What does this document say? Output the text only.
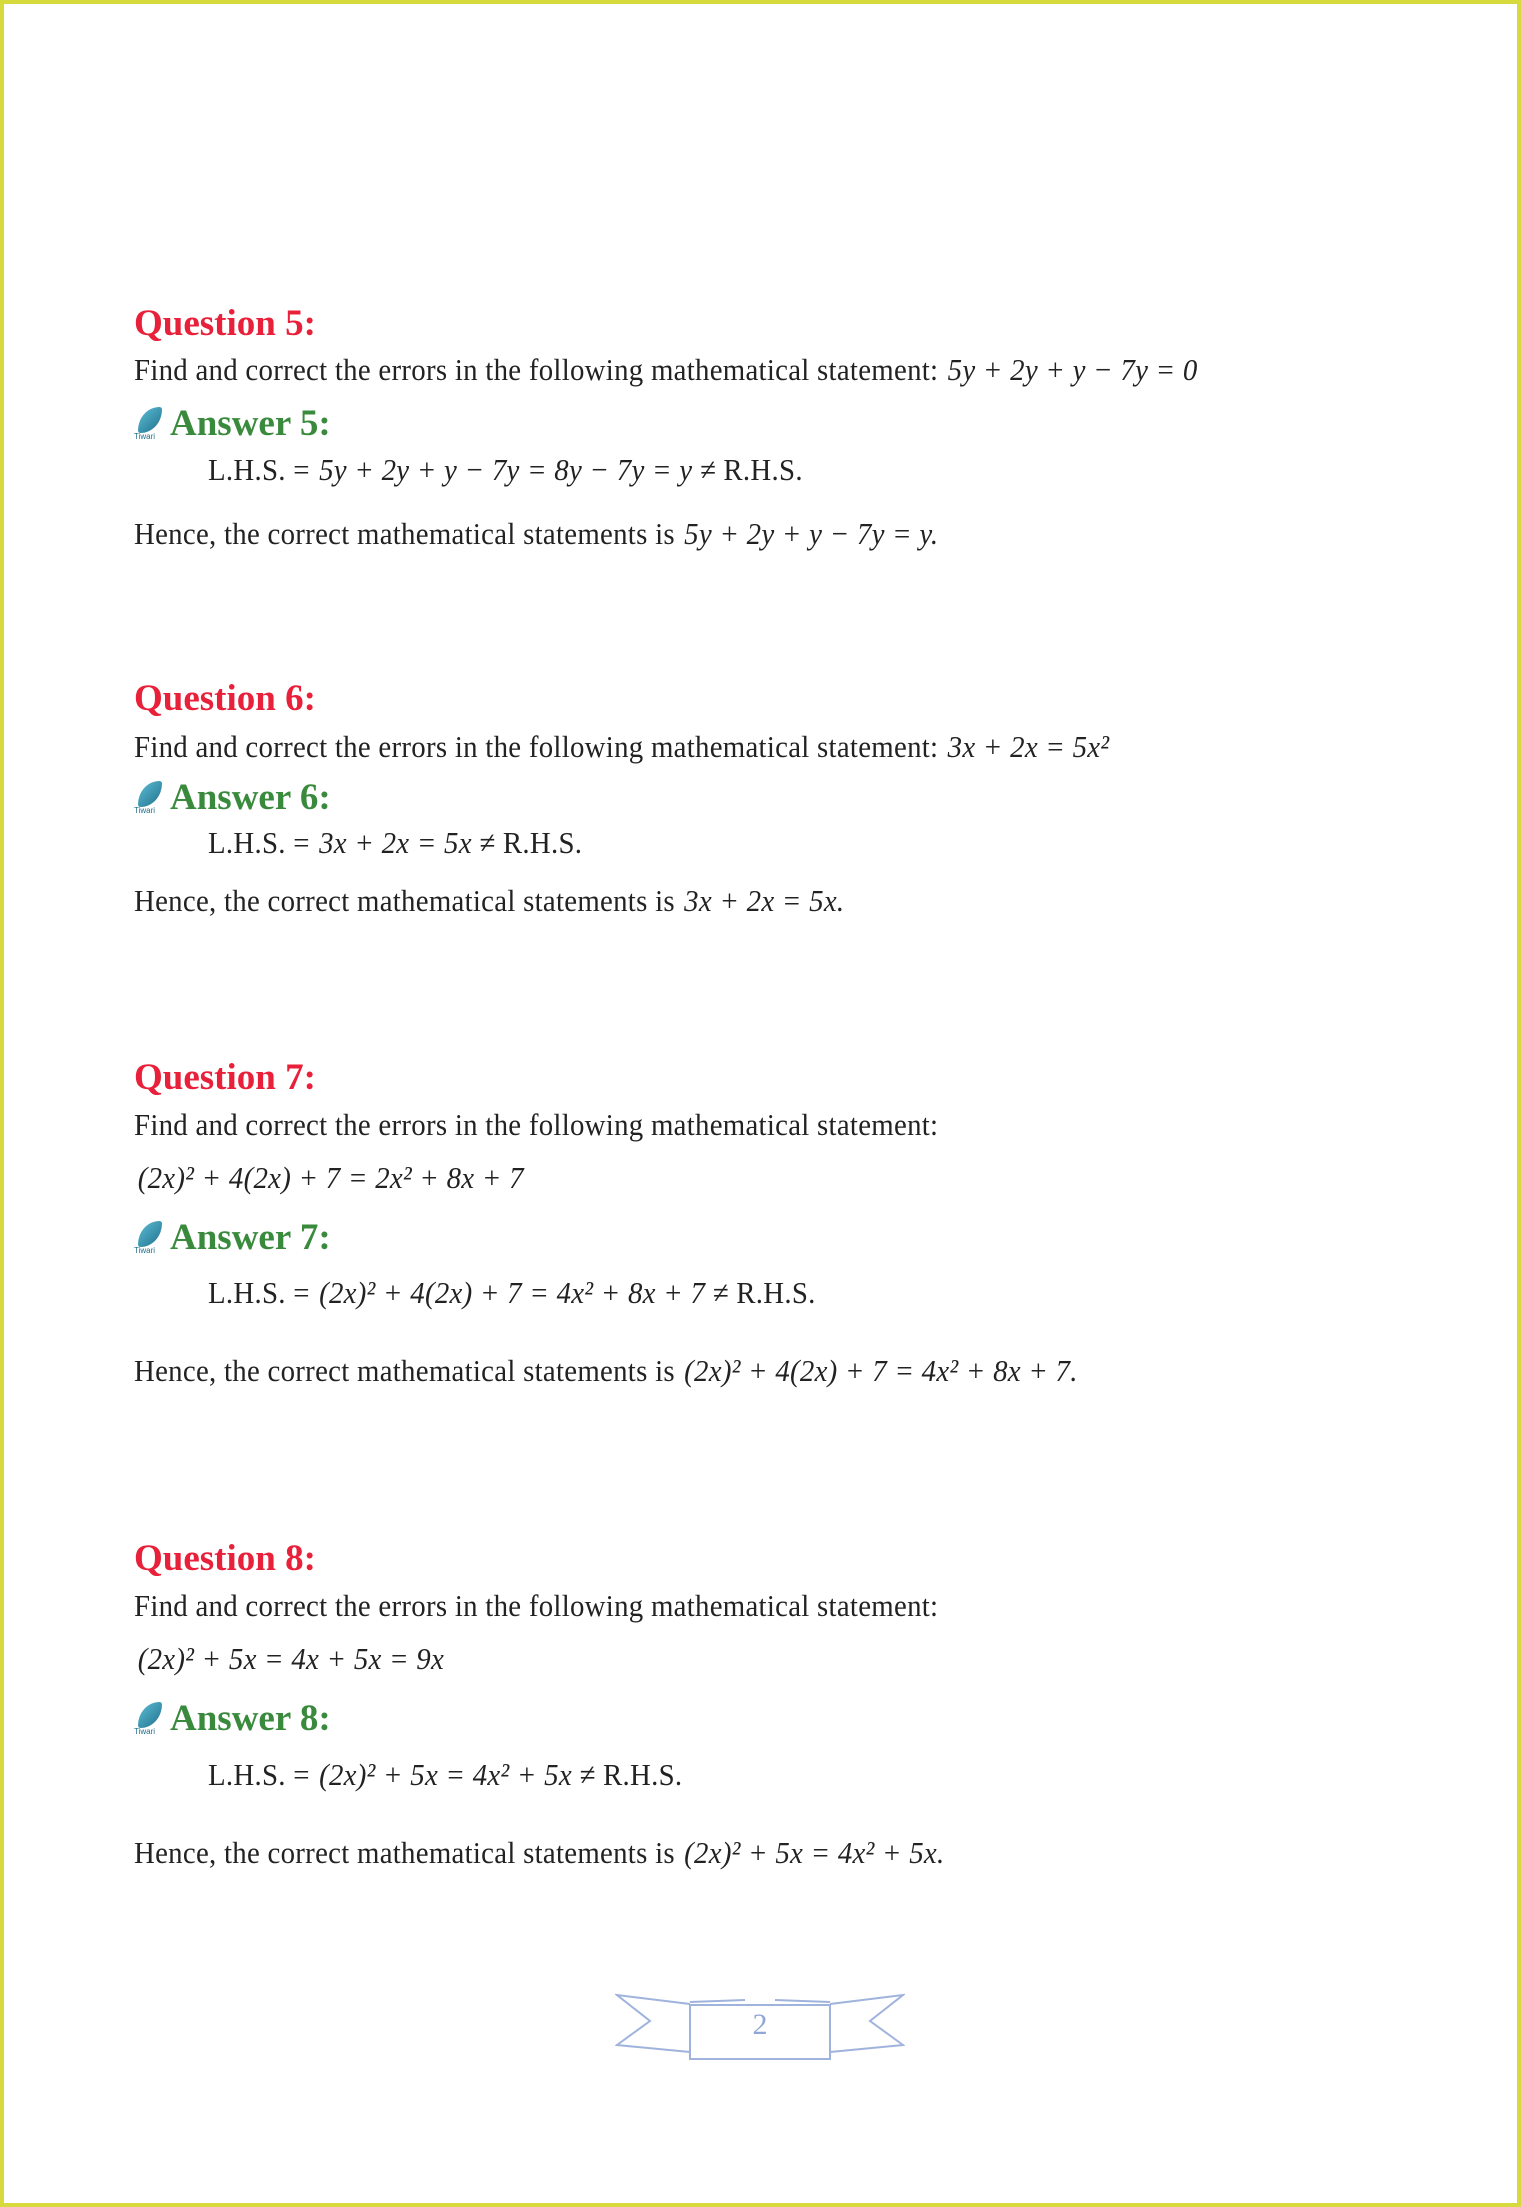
Question 5:
Find and correct the errors in the following mathematical statement: 5y + 2y + y − 7y = 0
Tiwari Answer 5:
L.H.S. = 5y + 2y + y − 7y = 8y − 7y = y ≠ R.H.S.
Hence, the correct mathematical statements is 5y + 2y + y − 7y = y.
Question 6:
Find and correct the errors in the following mathematical statement: 3x + 2x = 5x²
Tiwari Answer 6:
L.H.S. = 3x + 2x = 5x ≠ R.H.S.
Hence, the correct mathematical statements is 3x + 2x = 5x.
Question 7:
Find and correct the errors in the following mathematical statement:
(2x)² + 4(2x) + 7 = 2x² + 8x + 7
Tiwari Answer 7:
L.H.S. = (2x)² + 4(2x) + 7 = 4x² + 8x + 7 ≠ R.H.S.
Hence, the correct mathematical statements is (2x)² + 4(2x) + 7 = 4x² + 8x + 7.
Question 8:
Find and correct the errors in the following mathematical statement:
(2x)² + 5x = 4x + 5x = 9x
Tiwari Answer 8:
L.H.S. = (2x)² + 5x = 4x² + 5x ≠ R.H.S.
Hence, the correct mathematical statements is (2x)² + 5x = 4x² + 5x.
2
